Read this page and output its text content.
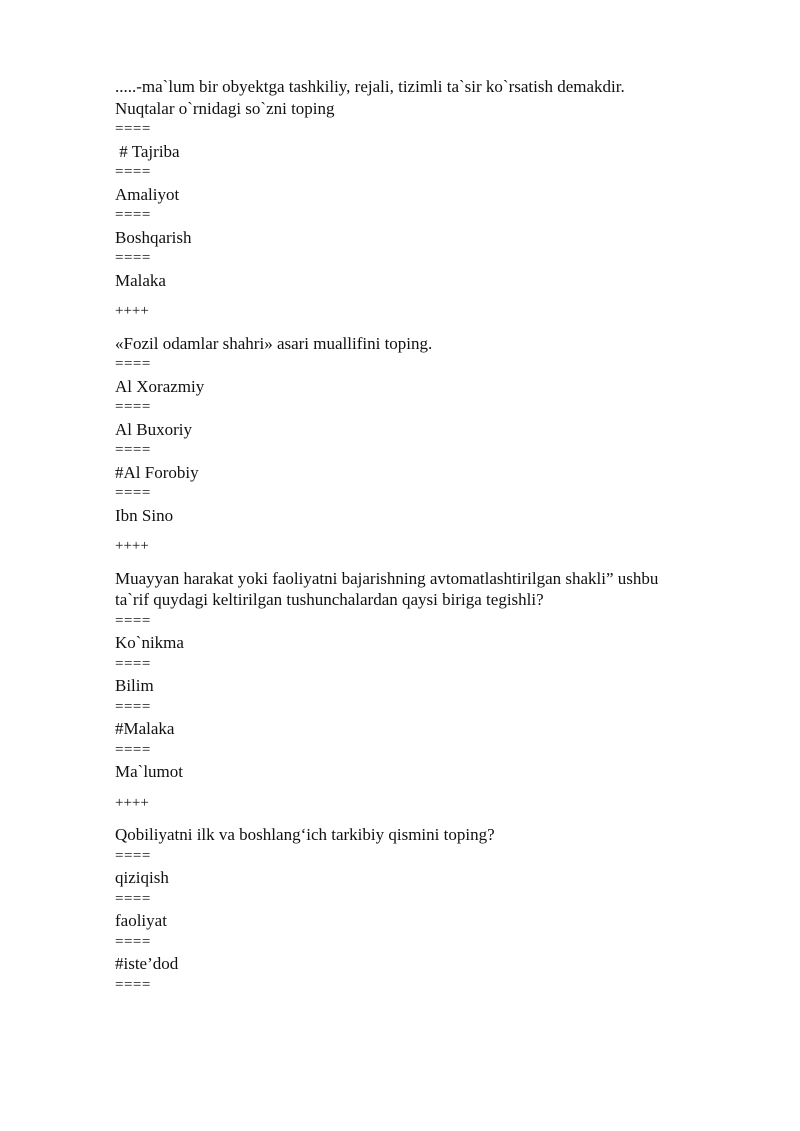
.....-ma`lum bir obyektga tashkiliy, rejali, tizimli ta`sir ko`rsatish demakdir.
Nuqtalar o`rnidagi so`zni toping
====
# Tajriba
====
Amaliyot
====
Boshqarish
====
Malaka
++++
«Fozil odamlar shahri» asari muallifini toping.
====
Al Xorazmiy
====
Al Buxoriy
====
#Al Forobiy
====
Ibn Sino
++++
Muayyan harakat yoki faoliyatni bajarishning avtomatlashtirilgan shakli” ushbu
ta`rif quydagi keltirilgan tushunchalardan qaysi biriga tegishli?
====
Ko`nikma
====
Bilim
====
#Malaka
====
Ma`lumot
++++
Qobiliyatni ilk va boshlang‘ich tarkibiy qismini toping?
====
qiziqish
====
faoliyat
====
#iste’dod
====
